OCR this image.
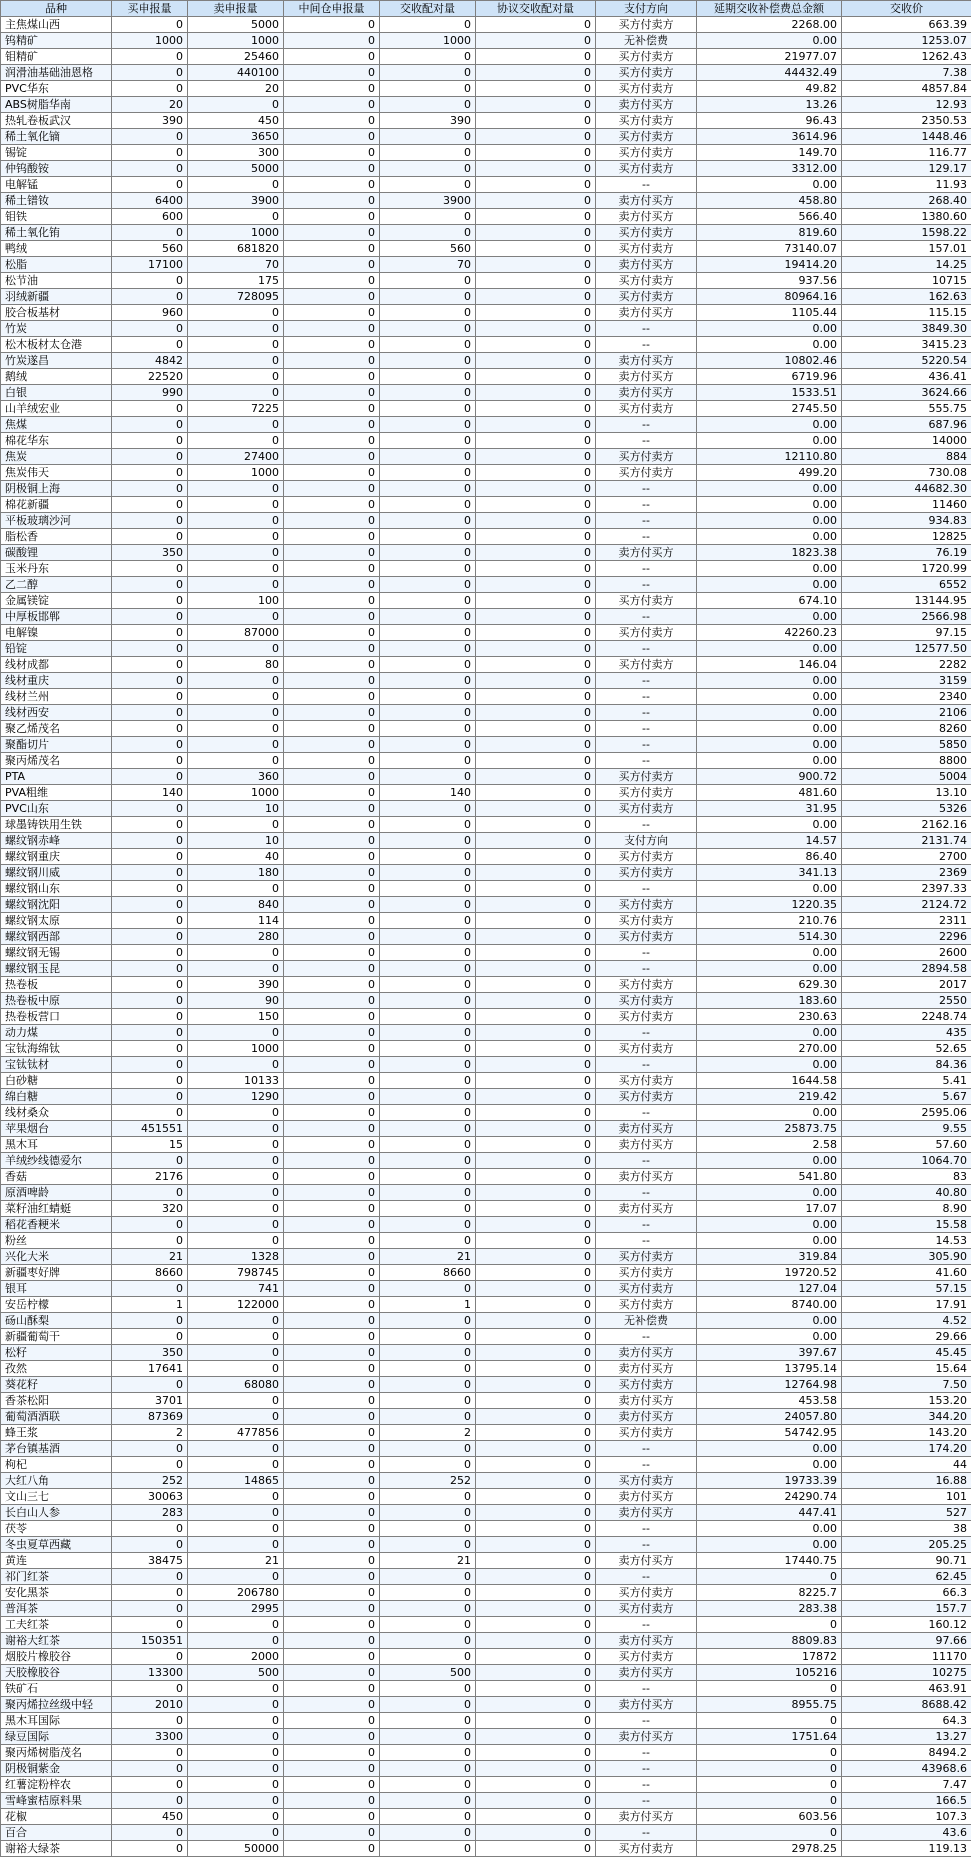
品种	买申报量	卖申报量	中间仓申报量	交收配对量	协议交收配对量	支付方向	延期交收补偿费总金额	交收价
主焦煤山西	0	5000	0	0	0	买方付卖方	2268.00	663.39
钨精矿	1000	1000	0	1000	0	无补偿费	0.00	1253.07
钼精矿	0	25460	0	0	0	买方付卖方	21977.07	1262.43
润滑油基础油恩格	0	440100	0	0	0	买方付卖方	44432.49	7.38
PVC华东	0	20	0	0	0	买方付卖方	49.82	4857.84
ABS树脂华南	20	0	0	0	0	卖方付买方	13.26	12.93
热轧卷板武汉	390	450	0	390	0	买方付卖方	96.43	2350.53
稀土氧化镝	0	3650	0	0	0	买方付卖方	3614.96	1448.46
锡锭	0	300	0	0	0	买方付卖方	149.70	116.77
仲钨酸铵	0	5000	0	0	0	买方付卖方	3312.00	129.17
电解锰	0	0	0	0	0	--	0.00	11.93
稀土镨钕	6400	3900	0	3900	0	卖方付买方	458.80	268.40
钼铁	600	0	0	0	0	卖方付买方	566.40	1380.60
稀土氧化铕	0	1000	0	0	0	买方付卖方	819.60	1598.22
鸭绒	560	681820	0	560	0	买方付卖方	73140.07	157.01
松脂	17100	70	0	70	0	卖方付买方	19414.20	14.25
松节油	0	175	0	0	0	买方付卖方	937.56	10715
羽绒新疆	0	728095	0	0	0	买方付卖方	80964.16	162.63
胶合板基材	960	0	0	0	0	卖方付买方	1105.44	115.15
竹炭	0	0	0	0	0	--	0.00	3849.30
松木板材太仓港	0	0	0	0	0	--	0.00	3415.23
竹炭遂昌	4842	0	0	0	0	卖方付买方	10802.46	5220.54
鹅绒	22520	0	0	0	0	卖方付买方	6719.96	436.41
白银	990	0	0	0	0	卖方付买方	1533.51	3624.66
山羊绒宏业	0	7225	0	0	0	买方付卖方	2745.50	555.75
焦煤	0	0	0	0	0	--	0.00	687.96
棉花华东	0	0	0	0	0	--	0.00	14000
焦炭	0	27400	0	0	0	买方付卖方	12110.80	884
焦炭伟天	0	1000	0	0	0	买方付卖方	499.20	730.08
阴极铜上海	0	0	0	0	0	--	0.00	44682.30
棉花新疆	0	0	0	0	0	--	0.00	11460
平板玻璃沙河	0	0	0	0	0	--	0.00	934.83
脂松香	0	0	0	0	0	--	0.00	12825
碳酸锂	350	0	0	0	0	卖方付买方	1823.38	76.19
玉米丹东	0	0	0	0	0	--	0.00	1720.99
乙二醇	0	0	0	0	0	--	0.00	6552
金属镁锭	0	100	0	0	0	买方付卖方	674.10	13144.95
中厚板邯郸	0	0	0	0	0	--	0.00	2566.98
电解镍	0	87000	0	0	0	买方付卖方	42260.23	97.15
铅锭	0	0	0	0	0	--	0.00	12577.50
线材成都	0	80	0	0	0	买方付卖方	146.04	2282
线材重庆	0	0	0	0	0	--	0.00	3159
线材兰州	0	0	0	0	0	--	0.00	2340
线材西安	0	0	0	0	0	--	0.00	2106
聚乙烯茂名	0	0	0	0	0	--	0.00	8260
聚酯切片	0	0	0	0	0	--	0.00	5850
聚丙烯茂名	0	0	0	0	0	--	0.00	8800
PTA	0	360	0	0	0	买方付卖方	900.72	5004
PVA粗维	140	1000	0	140	0	买方付卖方	481.60	13.10
PVC山东	0	10	0	0	0	买方付卖方	31.95	5326
球墨铸铁用生铁	0	0	0	0	0	--	0.00	2162.16
螺纹钢赤峰	0	10	0	0	0	支付方向	14.57	2131.74
螺纹钢重庆	0	40	0	0	0	买方付卖方	86.40	2700
螺纹钢川威	0	180	0	0	0	买方付卖方	341.13	2369
螺纹钢山东	0	0	0	0	0	--	0.00	2397.33
螺纹钢沈阳	0	840	0	0	0	买方付卖方	1220.35	2124.72
螺纹钢太原	0	114	0	0	0	买方付卖方	210.76	2311
螺纹钢西部	0	280	0	0	0	买方付卖方	514.30	2296
螺纹钢无锡	0	0	0	0	0	--	0.00	2600
螺纹钢玉昆	0	0	0	0	0	--	0.00	2894.58
热卷板	0	390	0	0	0	买方付卖方	629.30	2017
热卷板中原	0	90	0	0	0	买方付卖方	183.60	2550
热卷板营口	0	150	0	0	0	买方付卖方	230.63	2248.74
动力煤	0	0	0	0	0	--	0.00	435
宝钛海绵钛	0	1000	0	0	0	买方付卖方	270.00	52.65
宝钛钛材	0	0	0	0	0	--	0.00	84.36
白砂糖	0	10133	0	0	0	买方付卖方	1644.58	5.41
绵白糖	0	1290	0	0	0	买方付卖方	219.42	5.67
线材桑众	0	0	0	0	0	--	0.00	2595.06
苹果烟台	451551	0	0	0	0	卖方付买方	25873.75	9.55
黑木耳	15	0	0	0	0	卖方付买方	2.58	57.60
羊绒纱线德爱尔	0	0	0	0	0	--	0.00	1064.70
香菇	2176	0	0	0	0	卖方付买方	541.80	83
原酒啤龄	0	0	0	0	0	--	0.00	40.80
菜籽油红蜻蜓	320	0	0	0	0	卖方付买方	17.07	8.90
稻花香粳米	0	0	0	0	0	--	0.00	15.58
粉丝	0	0	0	0	0	--	0.00	14.53
兴化大米	21	1328	0	21	0	买方付卖方	319.84	305.90
新疆枣好牌	8660	798745	0	8660	0	买方付卖方	19720.52	41.60
银耳	0	741	0	0	0	买方付卖方	127.04	57.15
安岳柠檬	1	122000	0	1	0	买方付卖方	8740.00	17.91
砀山酥梨	0	0	0	0	0	无补偿费	0.00	4.52
新疆葡萄干	0	0	0	0	0	--	0.00	29.66
松籽	350	0	0	0	0	卖方付买方	397.67	45.45
孜然	17641	0	0	0	0	卖方付买方	13795.14	15.64
葵花籽	0	68080	0	0	0	买方付卖方	12764.98	7.50
香茶松阳	3701	0	0	0	0	卖方付买方	453.58	153.20
葡萄酒酒联	87369	0	0	0	0	卖方付买方	24057.80	344.20
蜂王浆	2	477856	0	2	0	买方付卖方	54742.95	143.20
茅台镇基酒	0	0	0	0	0	--	0.00	174.20
枸杞	0	0	0	0	0	--	0.00	44
大红八角	252	14865	0	252	0	买方付卖方	19733.39	16.88
文山三七	30063	0	0	0	0	卖方付买方	24290.74	101
长白山人参	283	0	0	0	0	卖方付买方	447.41	527
茯苓	0	0	0	0	0	--	0.00	38
冬虫夏草西藏	0	0	0	0	0	--	0.00	205.25
黄连	38475	21	0	21	0	卖方付买方	17440.75	90.71
祁门红茶	0	0	0	0	0	--	0	62.45
安化黑茶	0	206780	0	0	0	买方付卖方	8225.7	66.3
普洱茶	0	2995	0	0	0	买方付卖方	283.38	157.7
工夫红茶	0	0	0	0	0	--	0	160.12
谢裕大红茶	150351	0	0	0	0	卖方付买方	8809.83	97.66
烟胶片橡胶谷	0	2000	0	0	0	买方付卖方	17872	11170
天胶橡胶谷	13300	500	0	500	0	卖方付买方	105216	10275
铁矿石	0	0	0	0	0	--	0	463.91
聚丙烯拉丝级中轻	2010	0	0	0	0	卖方付买方	8955.75	8688.42
黑木耳国际	0	0	0	0	0	--	0	64.3
绿豆国际	3300	0	0	0	0	卖方付买方	1751.64	13.27
聚丙烯树脂茂名	0	0	0	0	0	--	0	8494.2
阴极铜紫金	0	0	0	0	0	--	0	43968.6
红薯淀粉梓农	0	0	0	0	0	--	0	7.47
雪峰蜜桔原料果	0	0	0	0	0	--	0	166.5
花椒	450	0	0	0	0	卖方付买方	603.56	107.3
百合	0	0	0	0	0	--	0	43.6
谢裕大绿茶	0	50000	0	0	0	买方付卖方	2978.25	119.13
